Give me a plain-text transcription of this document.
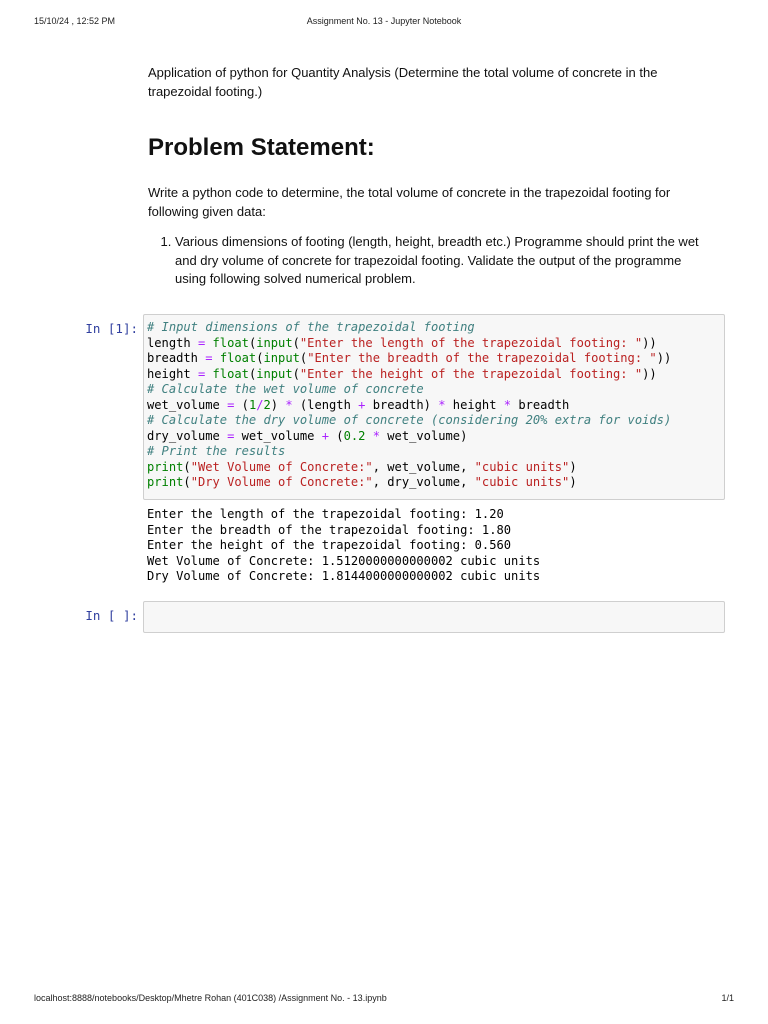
15/10/24 , 12:52 PM	Assignment No. 13 - Jupyter Notebook
Application of python for Quantity Analysis (Determine the total volume of concrete in the trapezoidal footing.)
Problem Statement:
Write a python code to determine, the total volume of concrete in the trapezoidal footing for following given data:
1. Various dimensions of footing (length, height, breadth etc.) Programme should print the wet and dry volume of concrete for trapezoidal footing. Validate the output of the programme using following solved numerical problem.
In [1]: # Input dimensions of the trapezoidal footing
length = float(input("Enter the length of the trapezoidal footing: "))
breadth = float(input("Enter the breadth of the trapezoidal footing: "))
height = float(input("Enter the height of the trapezoidal footing: "))
# Calculate the wet volume of concrete
wet_volume = (1/2) * (length + breadth) * height * breadth
# Calculate the dry volume of concrete (considering 20% extra for voids)
dry_volume = wet_volume + (0.2 * wet_volume)
# Print the results
print("Wet Volume of Concrete:", wet_volume, "cubic units")
print("Dry Volume of Concrete:", dry_volume, "cubic units")
Enter the length of the trapezoidal footing: 1.20
Enter the breadth of the trapezoidal footing: 1.80
Enter the height of the trapezoidal footing: 0.560
Wet Volume of Concrete: 1.5120000000000002 cubic units
Dry Volume of Concrete: 1.8144000000000002 cubic units
In [ ]:
localhost:8888/notebooks/Desktop/Mhetre Rohan (401C038) /Assignment No. - 13.ipynb	1/1
